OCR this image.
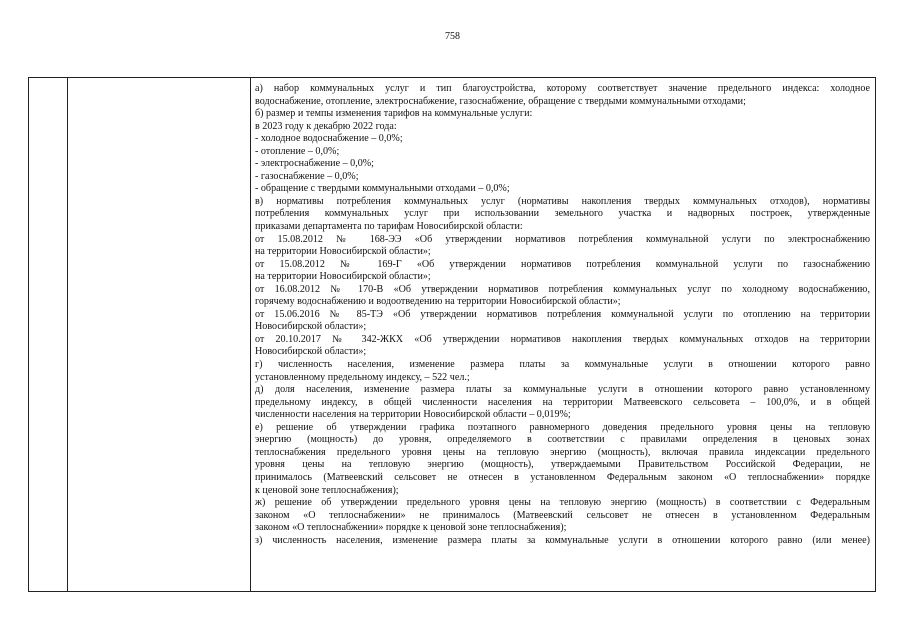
758
а) набор коммунальных услуг и тип благоустройства, которому соответствует значение предельного индекса: холодное
водоснабжение, отопление, электроснабжение, газоснабжение, обращение с твердыми коммунальными отходами;
б) размер и темпы изменения тарифов на коммунальные услуги:
в 2023 году к декабрю 2022 года:
- холодное водоснабжение – 0,0%;
- отопление – 0,0%;
- электроснабжение – 0,0%;
- газоснабжение – 0,0%;
- обращение с твердыми коммунальными отходами – 0,0%;
в) нормативы потребления коммунальных услуг (нормативы накопления твердых коммунальных отходов), нормативы
потребления коммунальных услуг при использовании земельного участка и надворных построек, утвержденные
приказами департамента по тарифам Новосибирской области:
от 15.08.2012 № 168-ЭЭ «Об утверждении нормативов потребления коммунальной услуги по электроснабжению
на территории Новосибирской области»;
от 15.08.2012 № 169-Г «Об утверждении нормативов потребления коммунальной услуги по газоснабжению
на территории Новосибирской области»;
от 16.08.2012 № 170-В «Об утверждении нормативов потребления коммунальных услуг по холодному водоснабжению,
горячему водоснабжению и водоотведению на территории Новосибирской области»;
от 15.06.2016 № 85-ТЭ «Об утверждении нормативов потребления коммунальной услуги по отоплению на территории
Новосибирской области»;
от 20.10.2017 № 342-ЖКХ «Об утверждении нормативов накопления твердых коммунальных отходов на территории
Новосибирской области»;
г) численность населения, изменение размера платы за коммунальные услуги в отношении которого равно
установленному предельному индексу, – 522 чел.;
д) доля населения, изменение размера платы за коммунальные услуги в отношении которого равно установленному
предельному индексу, в общей численности населения на территории Матвеевского сельсовета – 100,0%, и в общей
численности населения на территории Новосибирской области – 0,019%;
е) решение об утверждении графика поэтапного равномерного доведения предельного уровня цены на тепловую
энергию (мощность) до уровня, определяемого в соответствии с правилами определения в ценовых зонах
теплоснабжения предельного уровня цены на тепловую энергию (мощность), включая правила индексации предельного
уровня цены на тепловую энергию (мощность), утверждаемыми Правительством Российской Федерации, не
принималось (Матвеевский сельсовет не отнесен в установленном Федеральным законом «О теплоснабжении» порядке
к ценовой зоне теплоснабжения);
ж) решение об утверждении предельного уровня цены на тепловую энергию (мощность) в соответствии с Федеральным
законом «О теплоснабжении» не принималось (Матвеевский сельсовет не отнесен в установленном Федеральным
законом «О теплоснабжении» порядке к ценовой зоне теплоснабжения);
з) численность населения, изменение размера платы за коммунальные услуги в отношении которого равно (или менее)
